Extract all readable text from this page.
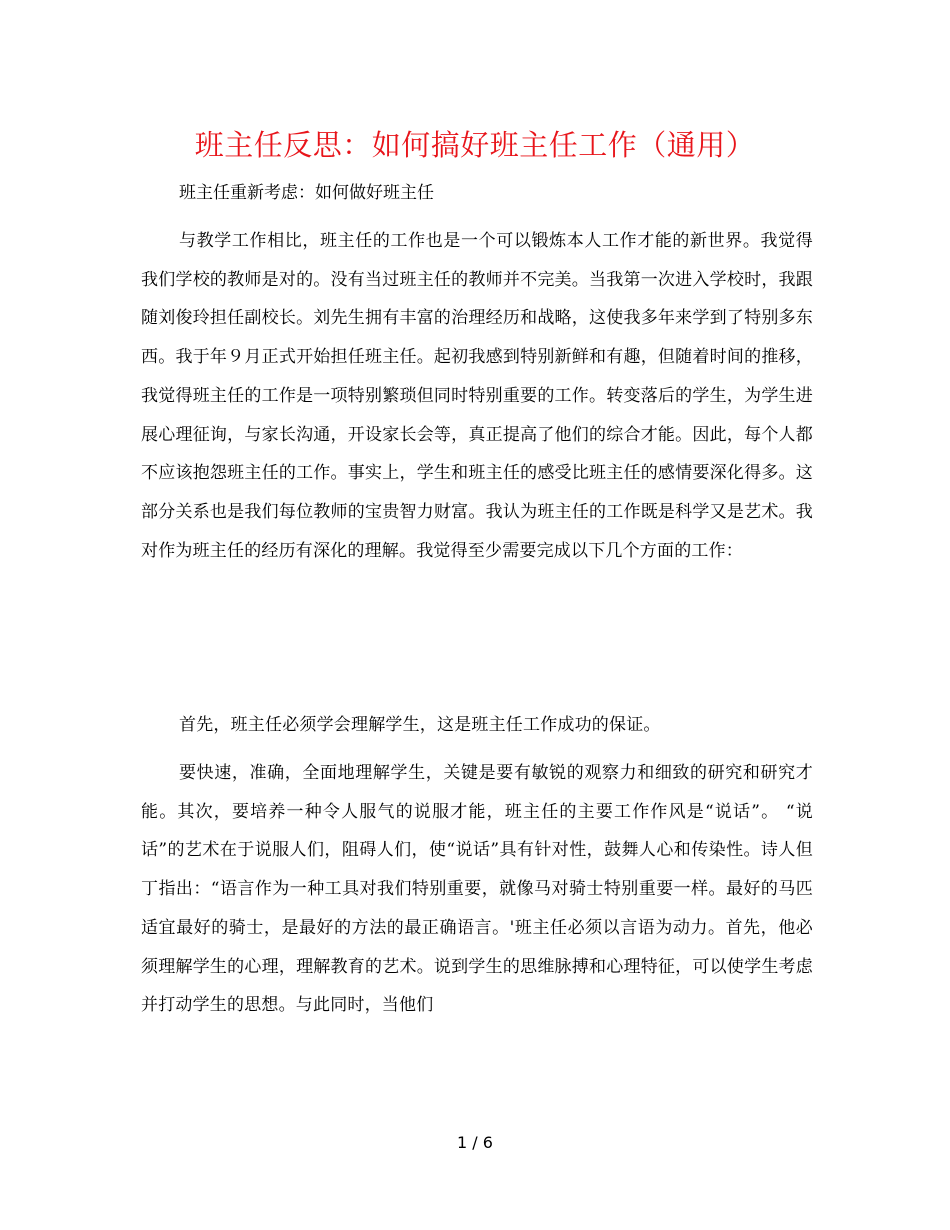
班主任反思：如何搞好班主任工作（通用）

班主任重新考虑：如何做好班主任

与教学工作相比，班主任的工作也是一个可以锻炼本人工作才能的新世界。我觉得我们学校的教师是对的。没有当过班主任的教师并不完美。当我第一次进入学校时，我跟随刘俊玲担任副校长。刘先生拥有丰富的治理经历和战略，这使我多年来学到了特别多东西。我于年９月正式开始担任班主任。起初我感到特别新鲜和有趣，但随着时间的推移，我觉得班主任的工作是一项特别繁琐但同时特别重要的工作。转变落后的学生，为学生进展心理征询，与家长沟通，开设家长会等，真正提高了他们的综合才能。因此，每个人都不应该抱怨班主任的工作。事实上，学生和班主任的感受比班主任的感情要深化得多。这部分关系也是我们每位教师的宝贵智力财富。我认为班主任的工作既是科学又是艺术。我对作为班主任的经历有深化的理解。我觉得至少需要完成以下几个方面的工作：

首先，班主任必须学会理解学生，这是班主任工作成功的保证。

要快速，准确，全面地理解学生，关键是要有敏锐的观察力和细致的研究和研究才能。其次，要培养一种令人服气的说服才能，班主任的主要工作作风是“说话”。 “说话”的艺术在于说服人们，阻碍人们，使“说话”具有针对性，鼓舞人心和传染性。诗人但丁指出：“语言作为一种工具对我们特别重要，就像马对骑士特别重要一样。最好的马匹适宜最好的骑士，是最好的方法的最正确语言。'班主任必须以言语为动力。首先，他必须理解学生的心理，理解教育的艺术。说到学生的思维脉搏和心理特征，可以使学生考虑并打动学生的思想。与此同时，当他们

1 / 6
